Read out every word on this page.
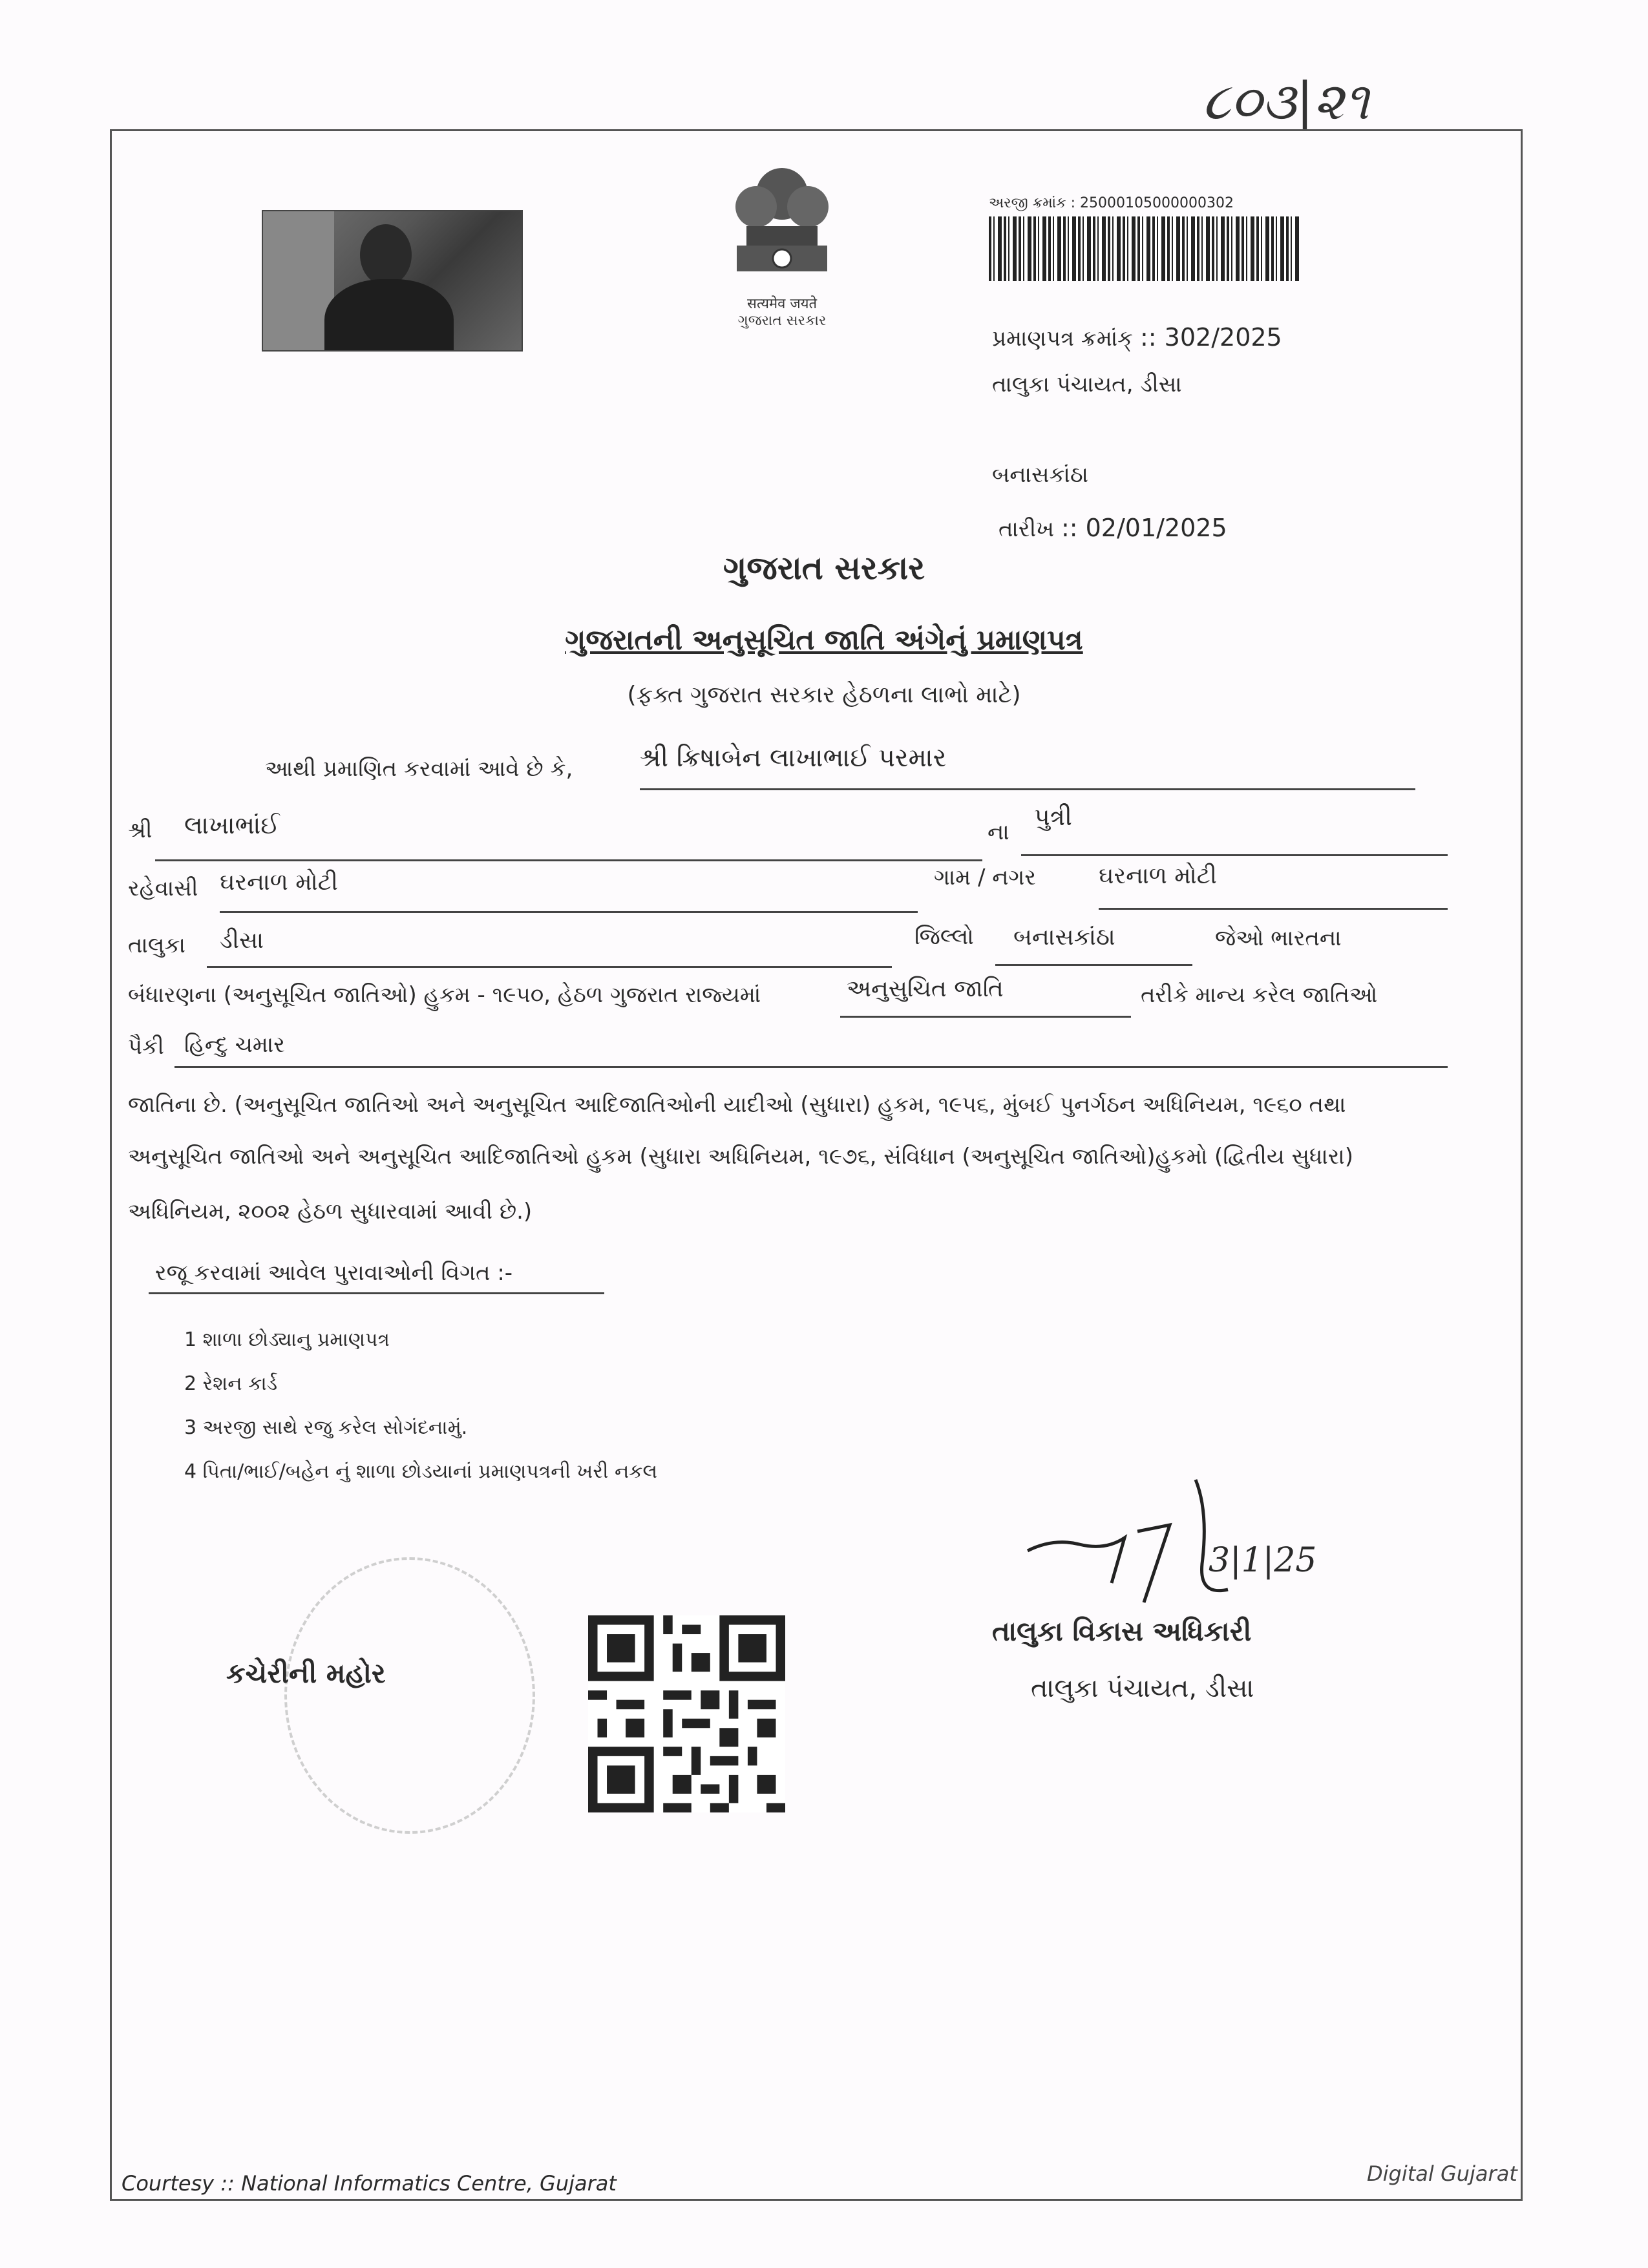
૮૦૩|૨૧
सत्यमेव जयते
ગુજરાત સરકાર
અરજી ક્રમાંક : 25000105000000302
પ્રમાણપત્ર ક્રમાંક્ :: 302/2025
તાલુકા પંચાયત, ડીસા
બનાસકાંઠા
તારીખ :: 02/01/2025
ગુજરાત સરકાર
ગુજરાતની અનુસૂચિત જાતિ અંગેનું પ્રમાણપત્ર
(ફક્ત ગુજરાત સરકાર હેઠળના લાભો માટે)
આથી પ્રમાણિત કરવામાં આવે છે કે,	શ્રી ક્રિષાબેન લાખાભાઈ પરમાર
શ્રી લાખાભાંઈ	ના
પુત્રી
રહેવાસી ઘરનાળ મોટી	ગામ / નગર	ઘરનાળ મોટી
તાલુકા ડીસા	જિલ્લો બનાસકાંઠા	જેઓ ભારતના
બંધારણના (અનુસૂચિત જાતિઓ) હુકમ - ૧૯૫૦, હેઠળ ગુજરાત રાજ્યમાં	અનુસુચિત જાતિ	તરીકે માન્ય કરેલ જાતિઓ
પૈકી હિન્દુ ચમાર
જાતિના છે. (અનુસૂચિત જાતિઓ અને અનુસૂચિત આદિજાતિઓની યાદીઓ (સુધારા) હુકમ, ૧૯૫૬, મુંબઈ પુનર્ગઠન અધિનિયમ, ૧૯૬૦ તથા
અનુસૂચિત જાતિઓ અને અનુસૂચિત આદિજાતિઓ હુકમ (સુધારા અધિનિયમ, ૧૯૭૬, સંવિધાન (અનુસૂચિત જાતિઓ)હુકમો (દ્વિતીય સુધારા)
અધિનિયમ, ૨૦૦૨ હેઠળ સુધારવામાં આવી છે.)
રજૂ કરવામાં આવેલ પુરાવાઓની વિગત :-
1 શાળા છોડ્યાનુ પ્રમાણપત્ર
2 રેશન કાર્ડ
3 અરજી સાથે રજુ કરેલ સોગંદનામું.
4 પિતા/ભાઈ/બહેન નું શાળા છોડયાનાં પ્રમાણપત્રની ખરી નકલ
કચેરીની મહોર
3|1|25
તાલુકા વિકાસ અધિકારી
તાલુકા પંચાયત, ડીસા
Courtesy :: National Informatics Centre, Gujarat	Digital Gujarat
